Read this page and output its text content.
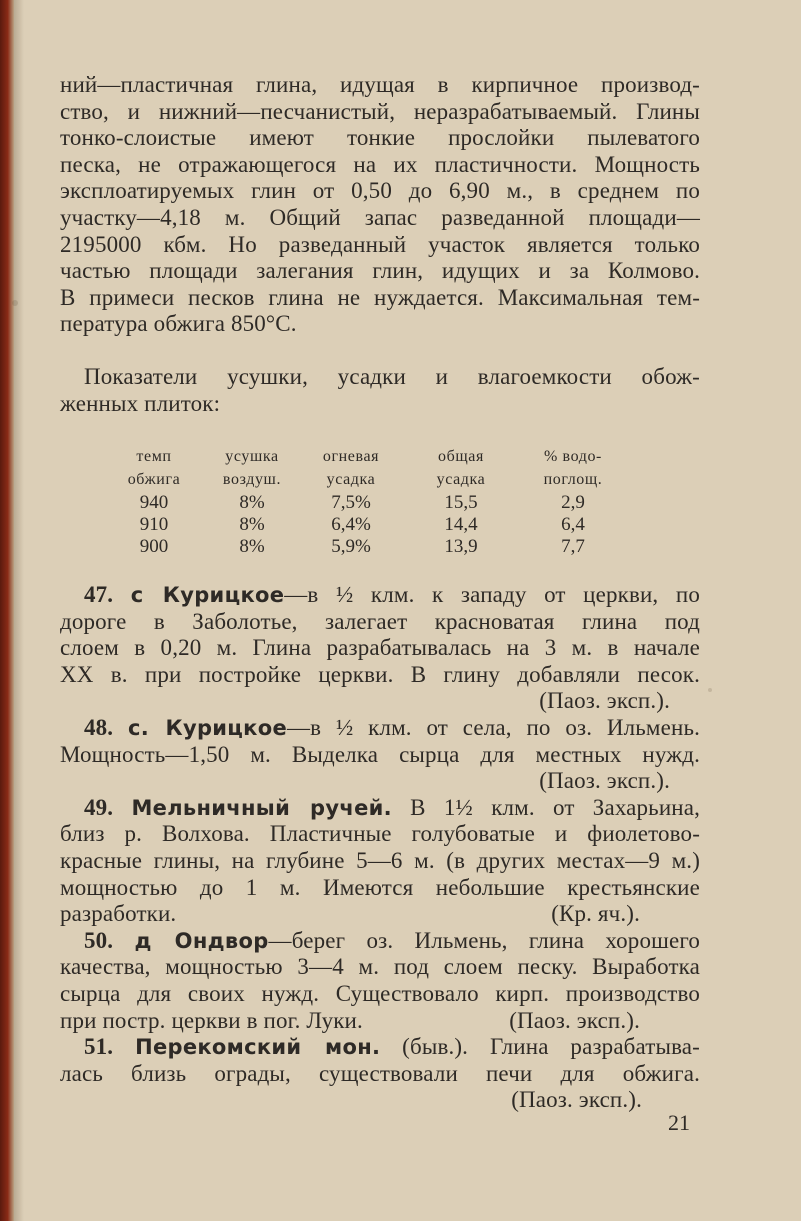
ний—пластичная глина, идущая в кирпичное производ-
ство, и нижний—песчанистый, неразрабатываемый. Глины
тонко-слоистые имеют тонкие прослойки пылеватого
песка, не отражающегося на их пластичности. Мощность
эксплоатируемых глин от 0,50 до 6,90 м., в среднем по
участку—4,18 м. Общий запас разведанной площади—
2195000 кбм. Но разведанный участок является только
частью площади залегания глин, идущих и за Колмово.
В примеси песков глина не нуждается. Максимальная тем-
пература обжига 850°С.
Показатели усушки, усадки и влагоемкости обож-
женных плиток:
темп	усушка	огневая	общая	% водо-
обжига	воздуш.	усадка	усадка	поглощ.
940	8%	7,5%	15,5	2,9
910	8%	6,4%	14,4	6,4
900	8%	5,9%	13,9	7,7
47. с Курицкое—в ½ клм. к западу от церкви, по
дороге в Заболотье, залегает красноватая глина под
слоем в 0,20 м. Глина разрабатывалась на 3 м. в начале
XX в. при постройке церкви. В глину добавляли песок.
(Паоз. эксп.).
48. с. Курицкое—в ½ клм. от села, по оз. Ильмень.
Мощность—1,50 м. Выделка сырца для местных нужд.
(Паоз. эксп.).
49. Мельничный ручей. В 1½ клм. от Захарьина,
близ р. Волхова. Пластичные голубоватые и фиолетово-
красные глины, на глубине 5—6 м. (в других местах—9 м.)
мощностью до 1 м. Имеются небольшие крестьянские
разработки.	(Кр. яч.).
50. д Ондвор—берег оз. Ильмень, глина хорошего
качества, мощностью 3—4 м. под слоем песку. Выработка
сырца для своих нужд. Существовало кирп. производство
при постр. церкви в пог. Луки.	(Паоз. эксп.).
51. Перекомский мон. (быв.). Глина разрабатыва-
лась близь ограды, существовали печи для обжига.
(Паоз. эксп.).
21
